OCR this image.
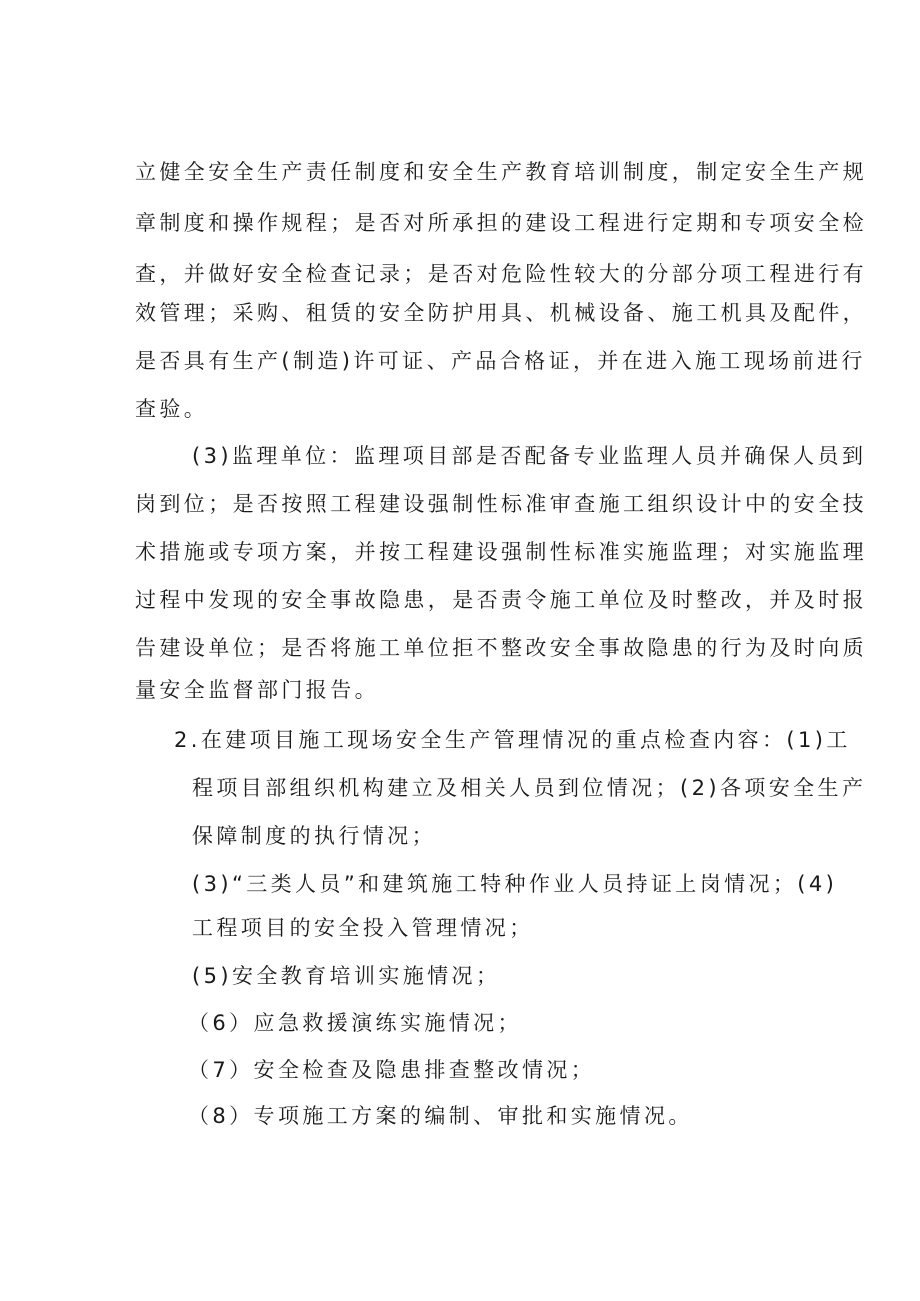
立健全安全生产责任制度和安全生产教育培训制度，制定安全生产规
章制度和操作规程；是否对所承担的建设工程进行定期和专项安全检
查，并做好安全检查记录；是否对危险性较大的分部分项工程进行有
效管理；采购、租赁的安全防护用具、机械设备、施工机具及配件，
是否具有生产(制造)许可证、产品合格证，并在进入施工现场前进行
查验。
(3)监理单位：监理项目部是否配备专业监理人员并确保人员到
岗到位；是否按照工程建设强制性标准审查施工组织设计中的安全技
术措施或专项方案，并按工程建设强制性标准实施监理；对实施监理
过程中发现的安全事故隐患，是否责令施工单位及时整改，并及时报
告建设单位；是否将施工单位拒不整改安全事故隐患的行为及时向质
量安全监督部门报告。
2.在建项目施工现场安全生产管理情况的重点检查内容：(1)工
程项目部组织机构建立及相关人员到位情况；(2)各项安全生产
保障制度的执行情况；
(3)“三类人员”和建筑施工特种作业人员持证上岗情况；(4)
工程项目的安全投入管理情况；
(5)安全教育培训实施情况；
（6）应急救援演练实施情况；
（7）安全检查及隐患排查整改情况；
（8）专项施工方案的编制、审批和实施情况。
